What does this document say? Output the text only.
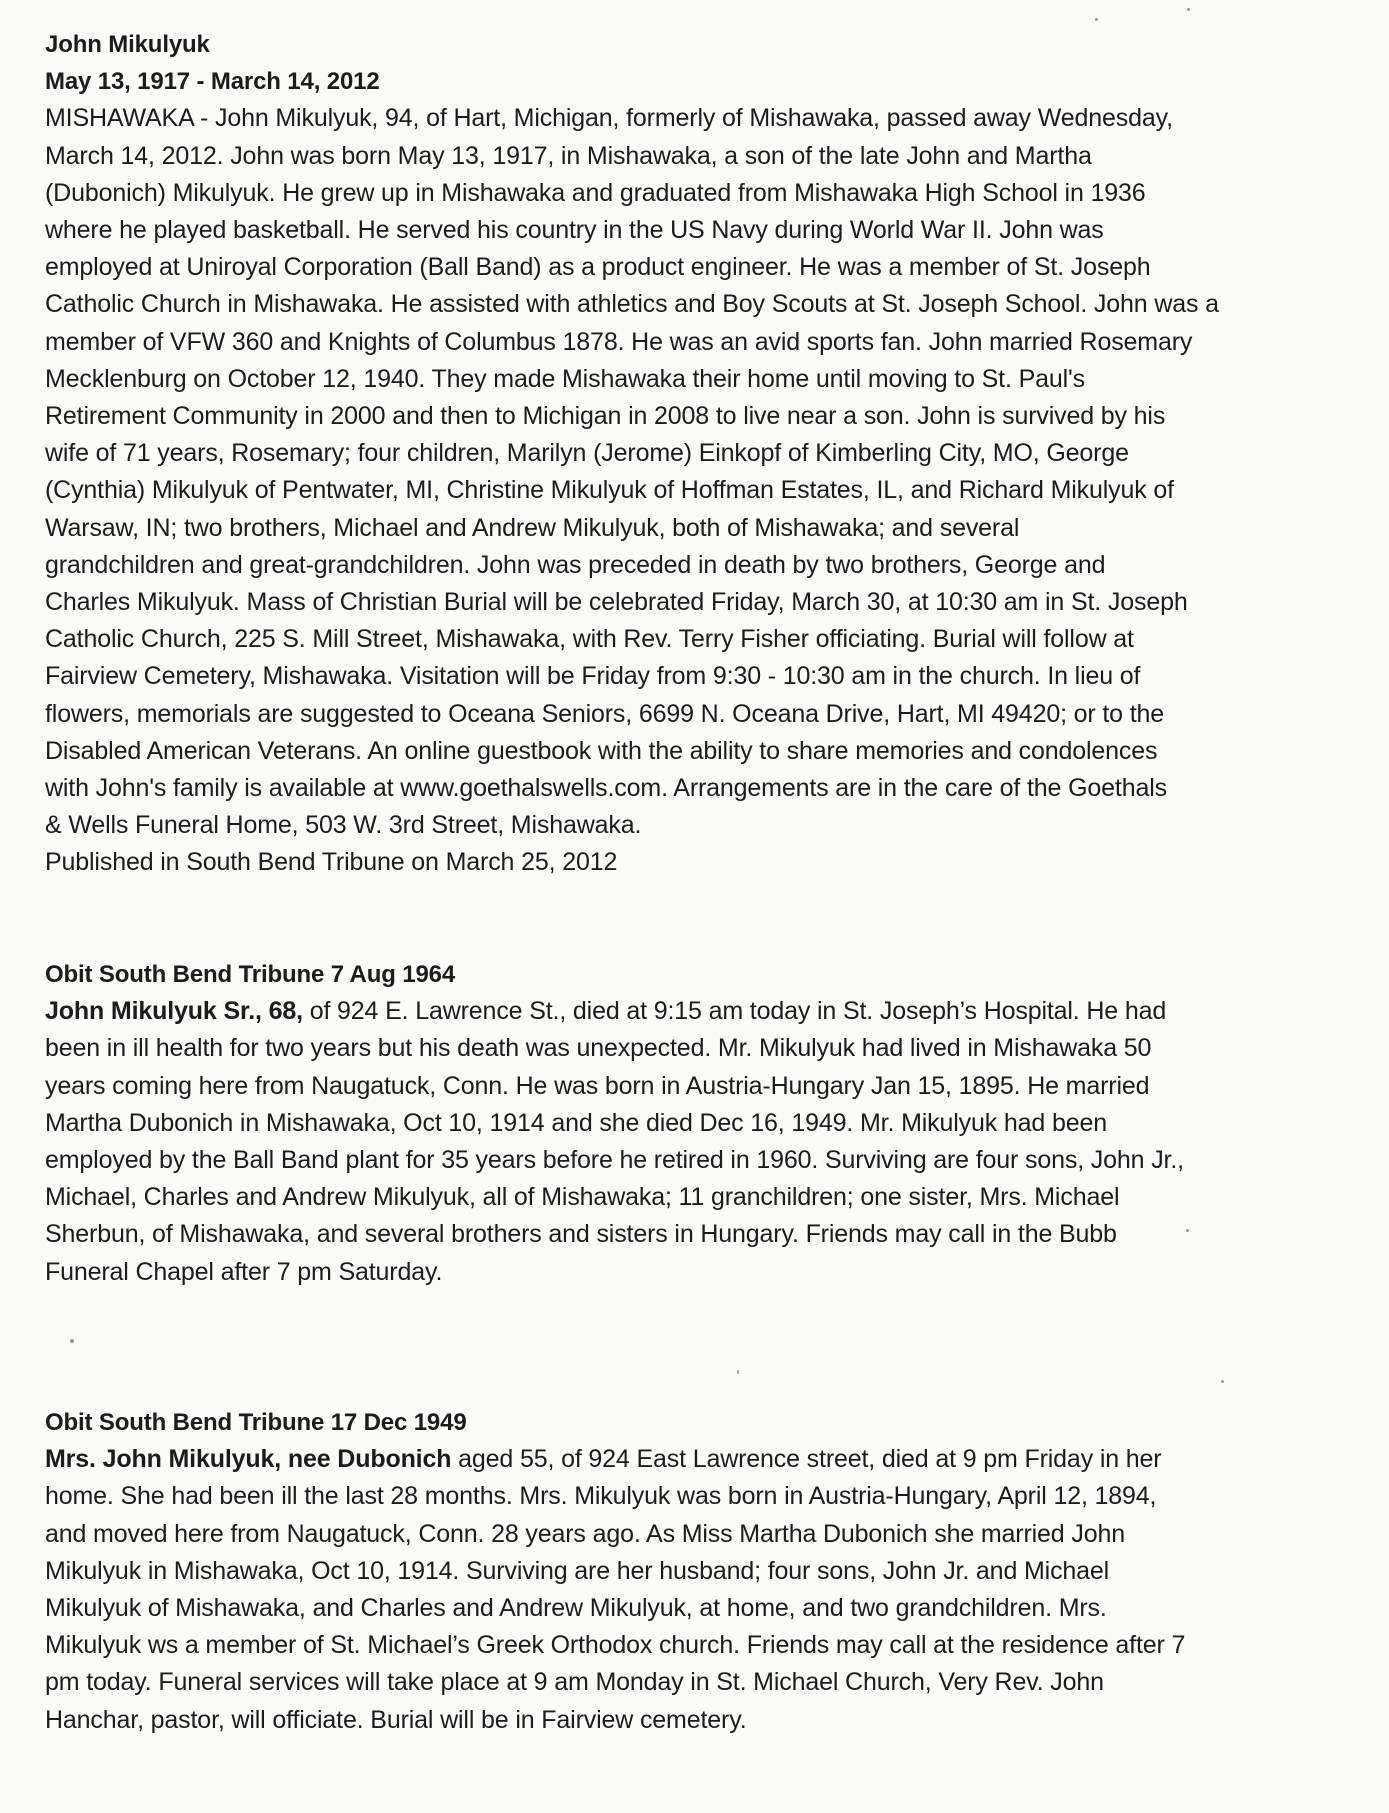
John Mikulyuk
May 13, 1917 - March 14, 2012
MISHAWAKA - John Mikulyuk, 94, of Hart, Michigan, formerly of Mishawaka, passed away Wednesday,
March 14, 2012. John was born May 13, 1917, in Mishawaka, a son of the late John and Martha
(Dubonich) Mikulyuk. He grew up in Mishawaka and graduated from Mishawaka High School in 1936
where he played basketball. He served his country in the US Navy during World War II. John was
employed at Uniroyal Corporation (Ball Band) as a product engineer. He was a member of St. Joseph
Catholic Church in Mishawaka. He assisted with athletics and Boy Scouts at St. Joseph School. John was a
member of VFW 360 and Knights of Columbus 1878. He was an avid sports fan. John married Rosemary
Mecklenburg on October 12, 1940. They made Mishawaka their home until moving to St. Paul's
Retirement Community in 2000 and then to Michigan in 2008 to live near a son. John is survived by his
wife of 71 years, Rosemary; four children, Marilyn (Jerome) Einkopf of Kimberling City, MO, George
(Cynthia) Mikulyuk of Pentwater, MI, Christine Mikulyuk of Hoffman Estates, IL, and Richard Mikulyuk of
Warsaw, IN; two brothers, Michael and Andrew Mikulyuk, both of Mishawaka; and several
grandchildren and great-grandchildren. John was preceded in death by two brothers, George and
Charles Mikulyuk. Mass of Christian Burial will be celebrated Friday, March 30, at 10:30 am in St. Joseph
Catholic Church, 225 S. Mill Street, Mishawaka, with Rev. Terry Fisher officiating. Burial will follow at
Fairview Cemetery, Mishawaka. Visitation will be Friday from 9:30 - 10:30 am in the church. In lieu of
flowers, memorials are suggested to Oceana Seniors, 6699 N. Oceana Drive, Hart, MI 49420; or to the
Disabled American Veterans. An online guestbook with the ability to share memories and condolences
with John's family is available at www.goethalswells.com. Arrangements are in the care of the Goethals
& Wells Funeral Home, 503 W. 3rd Street, Mishawaka.
Published in South Bend Tribune on March 25, 2012
Obit South Bend Tribune 7 Aug 1964
John Mikulyuk Sr., 68, of 924 E. Lawrence St., died at 9:15 am today in St. Joseph’s Hospital. He had
been in ill health for two years but his death was unexpected. Mr. Mikulyuk had lived in Mishawaka 50
years coming here from Naugatuck, Conn. He was born in Austria-Hungary Jan 15, 1895. He married
Martha Dubonich in Mishawaka, Oct 10, 1914 and she died Dec 16, 1949. Mr. Mikulyuk had been
employed by the Ball Band plant for 35 years before he retired in 1960. Surviving are four sons, John Jr.,
Michael, Charles and Andrew Mikulyuk, all of Mishawaka; 11 granchildren; one sister, Mrs. Michael
Sherbun, of Mishawaka, and several brothers and sisters in Hungary. Friends may call in the Bubb
Funeral Chapel after 7 pm Saturday.
Obit South Bend Tribune 17 Dec 1949
Mrs. John Mikulyuk, nee Dubonich aged 55, of 924 East Lawrence street, died at 9 pm Friday in her
home. She had been ill the last 28 months. Mrs. Mikulyuk was born in Austria-Hungary, April 12, 1894,
and moved here from Naugatuck, Conn. 28 years ago. As Miss Martha Dubonich she married John
Mikulyuk in Mishawaka, Oct 10, 1914. Surviving are her husband; four sons, John Jr. and Michael
Mikulyuk of Mishawaka, and Charles and Andrew Mikulyuk, at home, and two grandchildren. Mrs.
Mikulyuk ws a member of St. Michael’s Greek Orthodox church. Friends may call at the residence after 7
pm today. Funeral services will take place at 9 am Monday in St. Michael Church, Very Rev. John
Hanchar, pastor, will officiate. Burial will be in Fairview cemetery.
